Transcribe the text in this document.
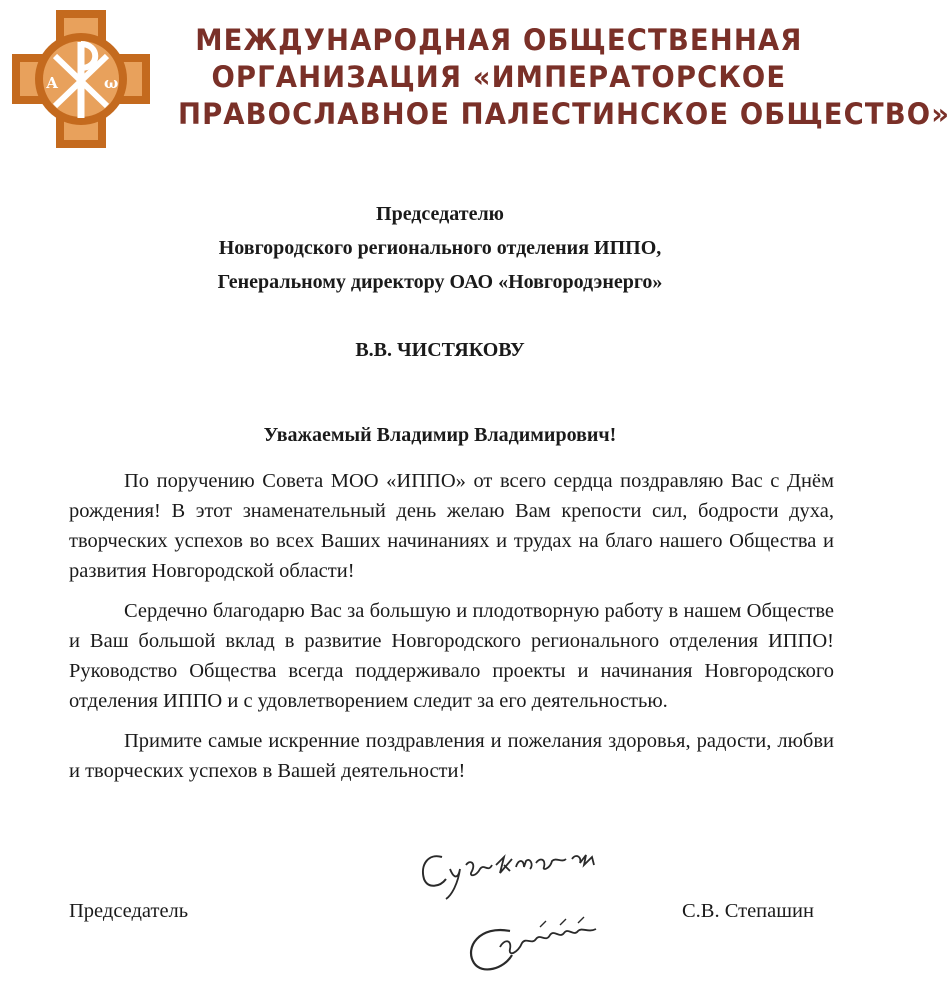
А	ω
МЕЖДУНАРОДНАЯ ОБЩЕСТВЕННАЯ
ОРГАНИЗАЦИЯ «ИМПЕРАТОРСКОЕ
ПРАВОСЛАВНОЕ ПАЛЕСТИНСКОЕ ОБЩЕСТВО»
Председателю
Новгородского регионального отделения ИППО,
Генеральному директору ОАО «Новгородэнерго»
В.В. ЧИСТЯКОВУ
Уважаемый Владимир Владимирович!

По поручению Совета МОО «ИППО» от всего сердца поздравляю Вас с Днём рождения! В этот знаменательный день желаю Вам крепости сил, бодрости духа, творческих успехов во всех Ваших начинаниях и трудах на благо нашего Общества и развития Новгородской области!

Сердечно благодарю Вас за большую и плодотворную работу в нашем Обществе и Ваш большой вклад в развитие Новгородского регионального отделения ИППО! Руководство Общества всегда поддерживало проекты и начинания Новгородского отделения ИППО и с удовлетворением следит за его деятельностью.

Примите самые искренние поздравления и пожелания здоровья, радости, любви и творческих успехов в Вашей деятельности!

Председатель	С.В. Степашин
